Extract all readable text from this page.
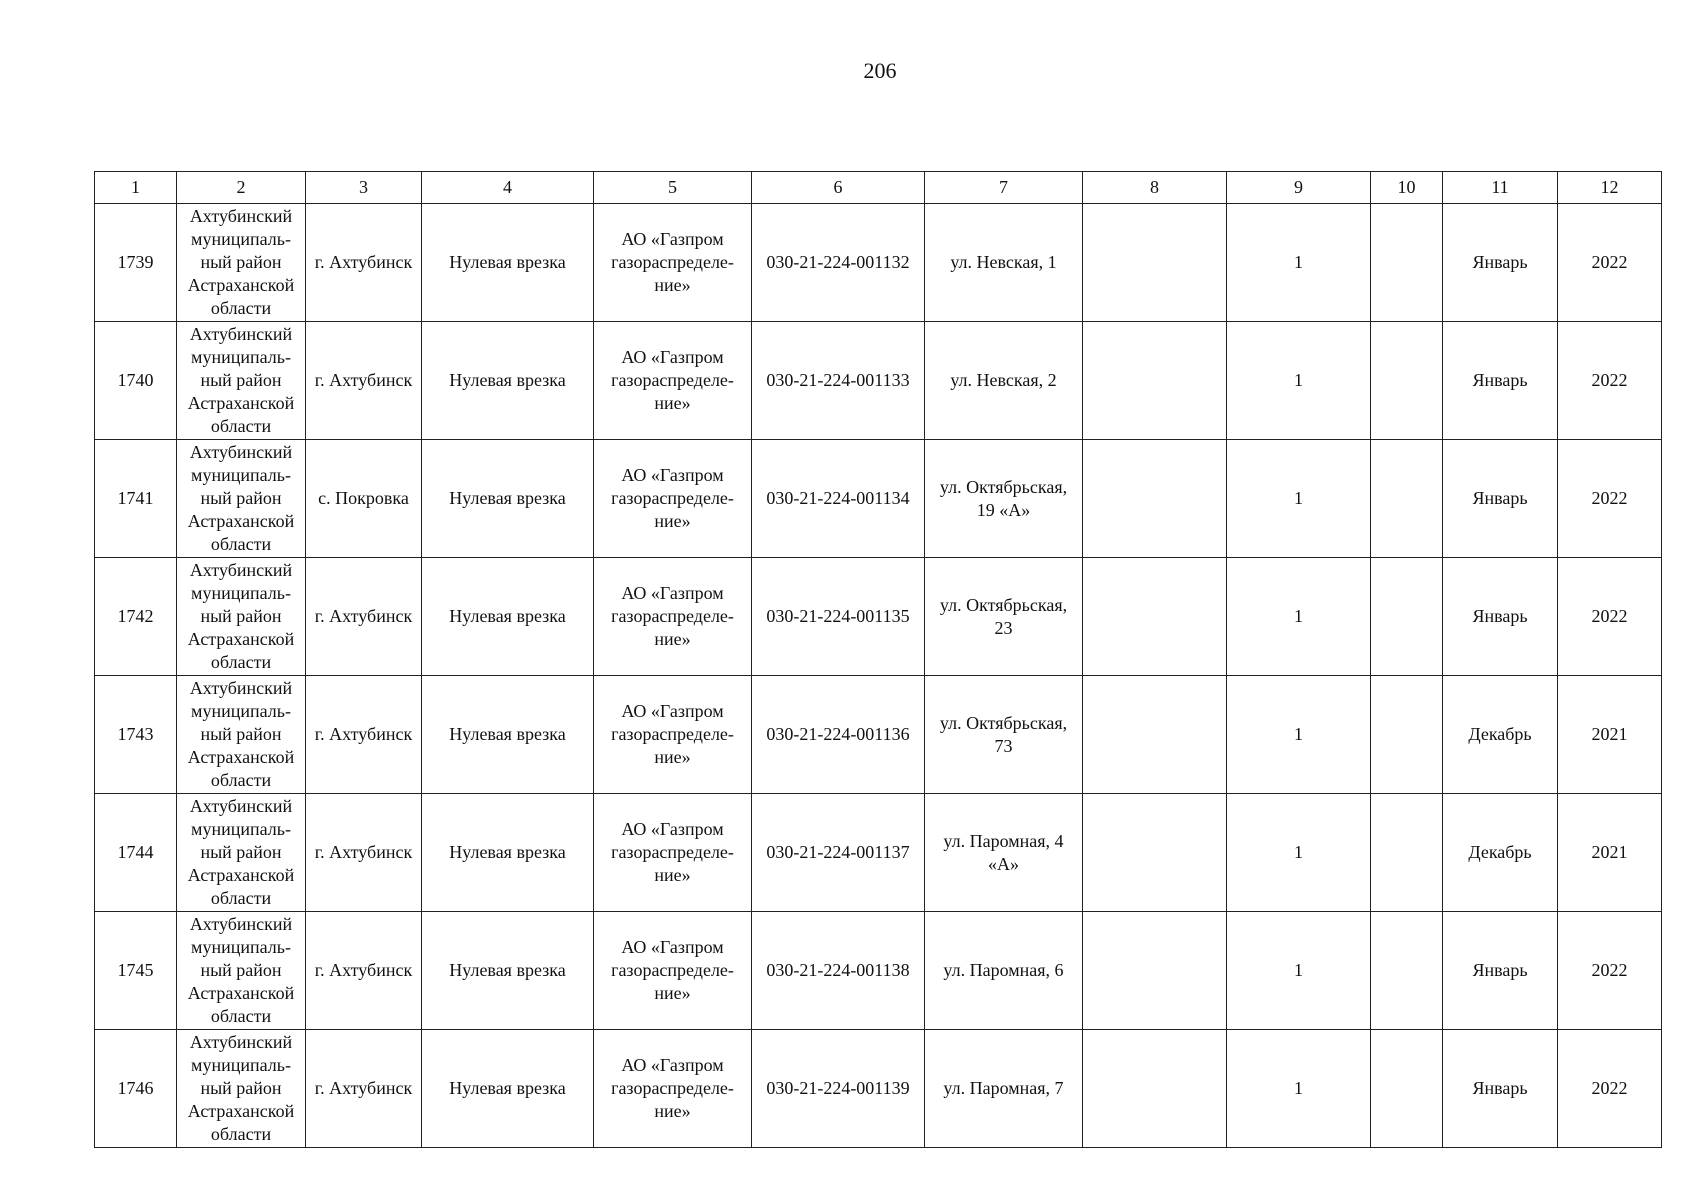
206
1	2	3	4	5	6	7	8	9	10	11	12
1739	Ахтубинский
муниципаль-
ный район
Астраханской
области	г. Ахтубинск	Нулевая врезка	АО «Газпром
газораспределе-
ние»	030-21-224-001132	ул. Невская, 1		1		Январь	2022
1740	Ахтубинский
муниципаль-
ный район
Астраханской
области	г. Ахтубинск	Нулевая врезка	АО «Газпром
газораспределе-
ние»	030-21-224-001133	ул. Невская, 2		1		Январь	2022
1741	Ахтубинский
муниципаль-
ный район
Астраханской
области	с. Покровка	Нулевая врезка	АО «Газпром
газораспределе-
ние»	030-21-224-001134	ул. Октябрьская,
19 «А»		1		Январь	2022
1742	Ахтубинский
муниципаль-
ный район
Астраханской
области	г. Ахтубинск	Нулевая врезка	АО «Газпром
газораспределе-
ние»	030-21-224-001135	ул. Октябрьская,
23		1		Январь	2022
1743	Ахтубинский
муниципаль-
ный район
Астраханской
области	г. Ахтубинск	Нулевая врезка	АО «Газпром
газораспределе-
ние»	030-21-224-001136	ул. Октябрьская,
73		1		Декабрь	2021
1744	Ахтубинский
муниципаль-
ный район
Астраханской
области	г. Ахтубинск	Нулевая врезка	АО «Газпром
газораспределе-
ние»	030-21-224-001137	ул. Паромная, 4
«А»		1		Декабрь	2021
1745	Ахтубинский
муниципаль-
ный район
Астраханской
области	г. Ахтубинск	Нулевая врезка	АО «Газпром
газораспределе-
ние»	030-21-224-001138	ул. Паромная, 6		1		Январь	2022
1746	Ахтубинский
муниципаль-
ный район
Астраханской
области	г. Ахтубинск	Нулевая врезка	АО «Газпром
газораспределе-
ние»	030-21-224-001139	ул. Паромная, 7		1		Январь	2022
